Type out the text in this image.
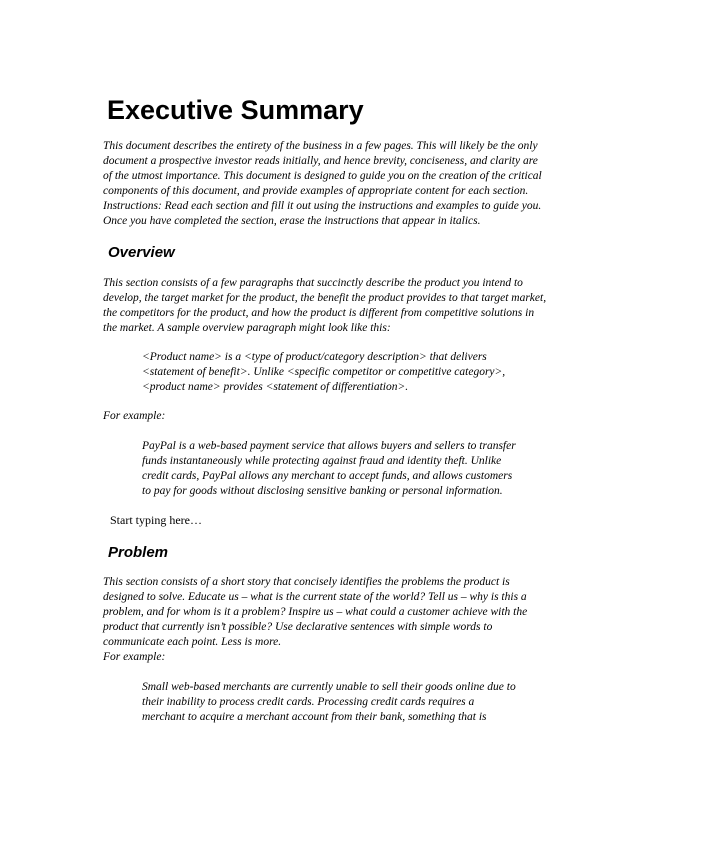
Executive Summary

This document describes the entirety of the business in a few pages. This will likely be the only
document a prospective investor reads initially, and hence brevity, conciseness, and clarity are
of the utmost importance. This document is designed to guide you on the creation of the critical
components of this document, and provide examples of appropriate content for each section.
Instructions: Read each section and fill it out using the instructions and examples to guide you.
Once you have completed the section, erase the instructions that appear in italics.

Overview

This section consists of a few paragraphs that succinctly describe the product you intend to
develop, the target market for the product, the benefit the product provides to that target market,
the competitors for the product, and how the product is different from competitive solutions in
the market. A sample overview paragraph might look like this:

<Product name> is a <type of product/category description> that delivers
<statement of benefit>. Unlike <specific competitor or competitive category>,
<product name> provides <statement of differentiation>.

For example:

PayPal is a web-based payment service that allows buyers and sellers to transfer
funds instantaneously while protecting against fraud and identity theft. Unlike
credit cards, PayPal allows any merchant to accept funds, and allows customers
to pay for goods without disclosing sensitive banking or personal information.

Start typing here…

Problem

This section consists of a short story that concisely identifies the problems the product is
designed to solve. Educate us – what is the current state of the world? Tell us – why is this a
problem, and for whom is it a problem? Inspire us – what could a customer achieve with the
product that currently isn’t possible? Use declarative sentences with simple words to
communicate each point. Less is more.
For example:

Small web-based merchants are currently unable to sell their goods online due to
their inability to process credit cards. Processing credit cards requires a
merchant to acquire a merchant account from their bank, something that is
